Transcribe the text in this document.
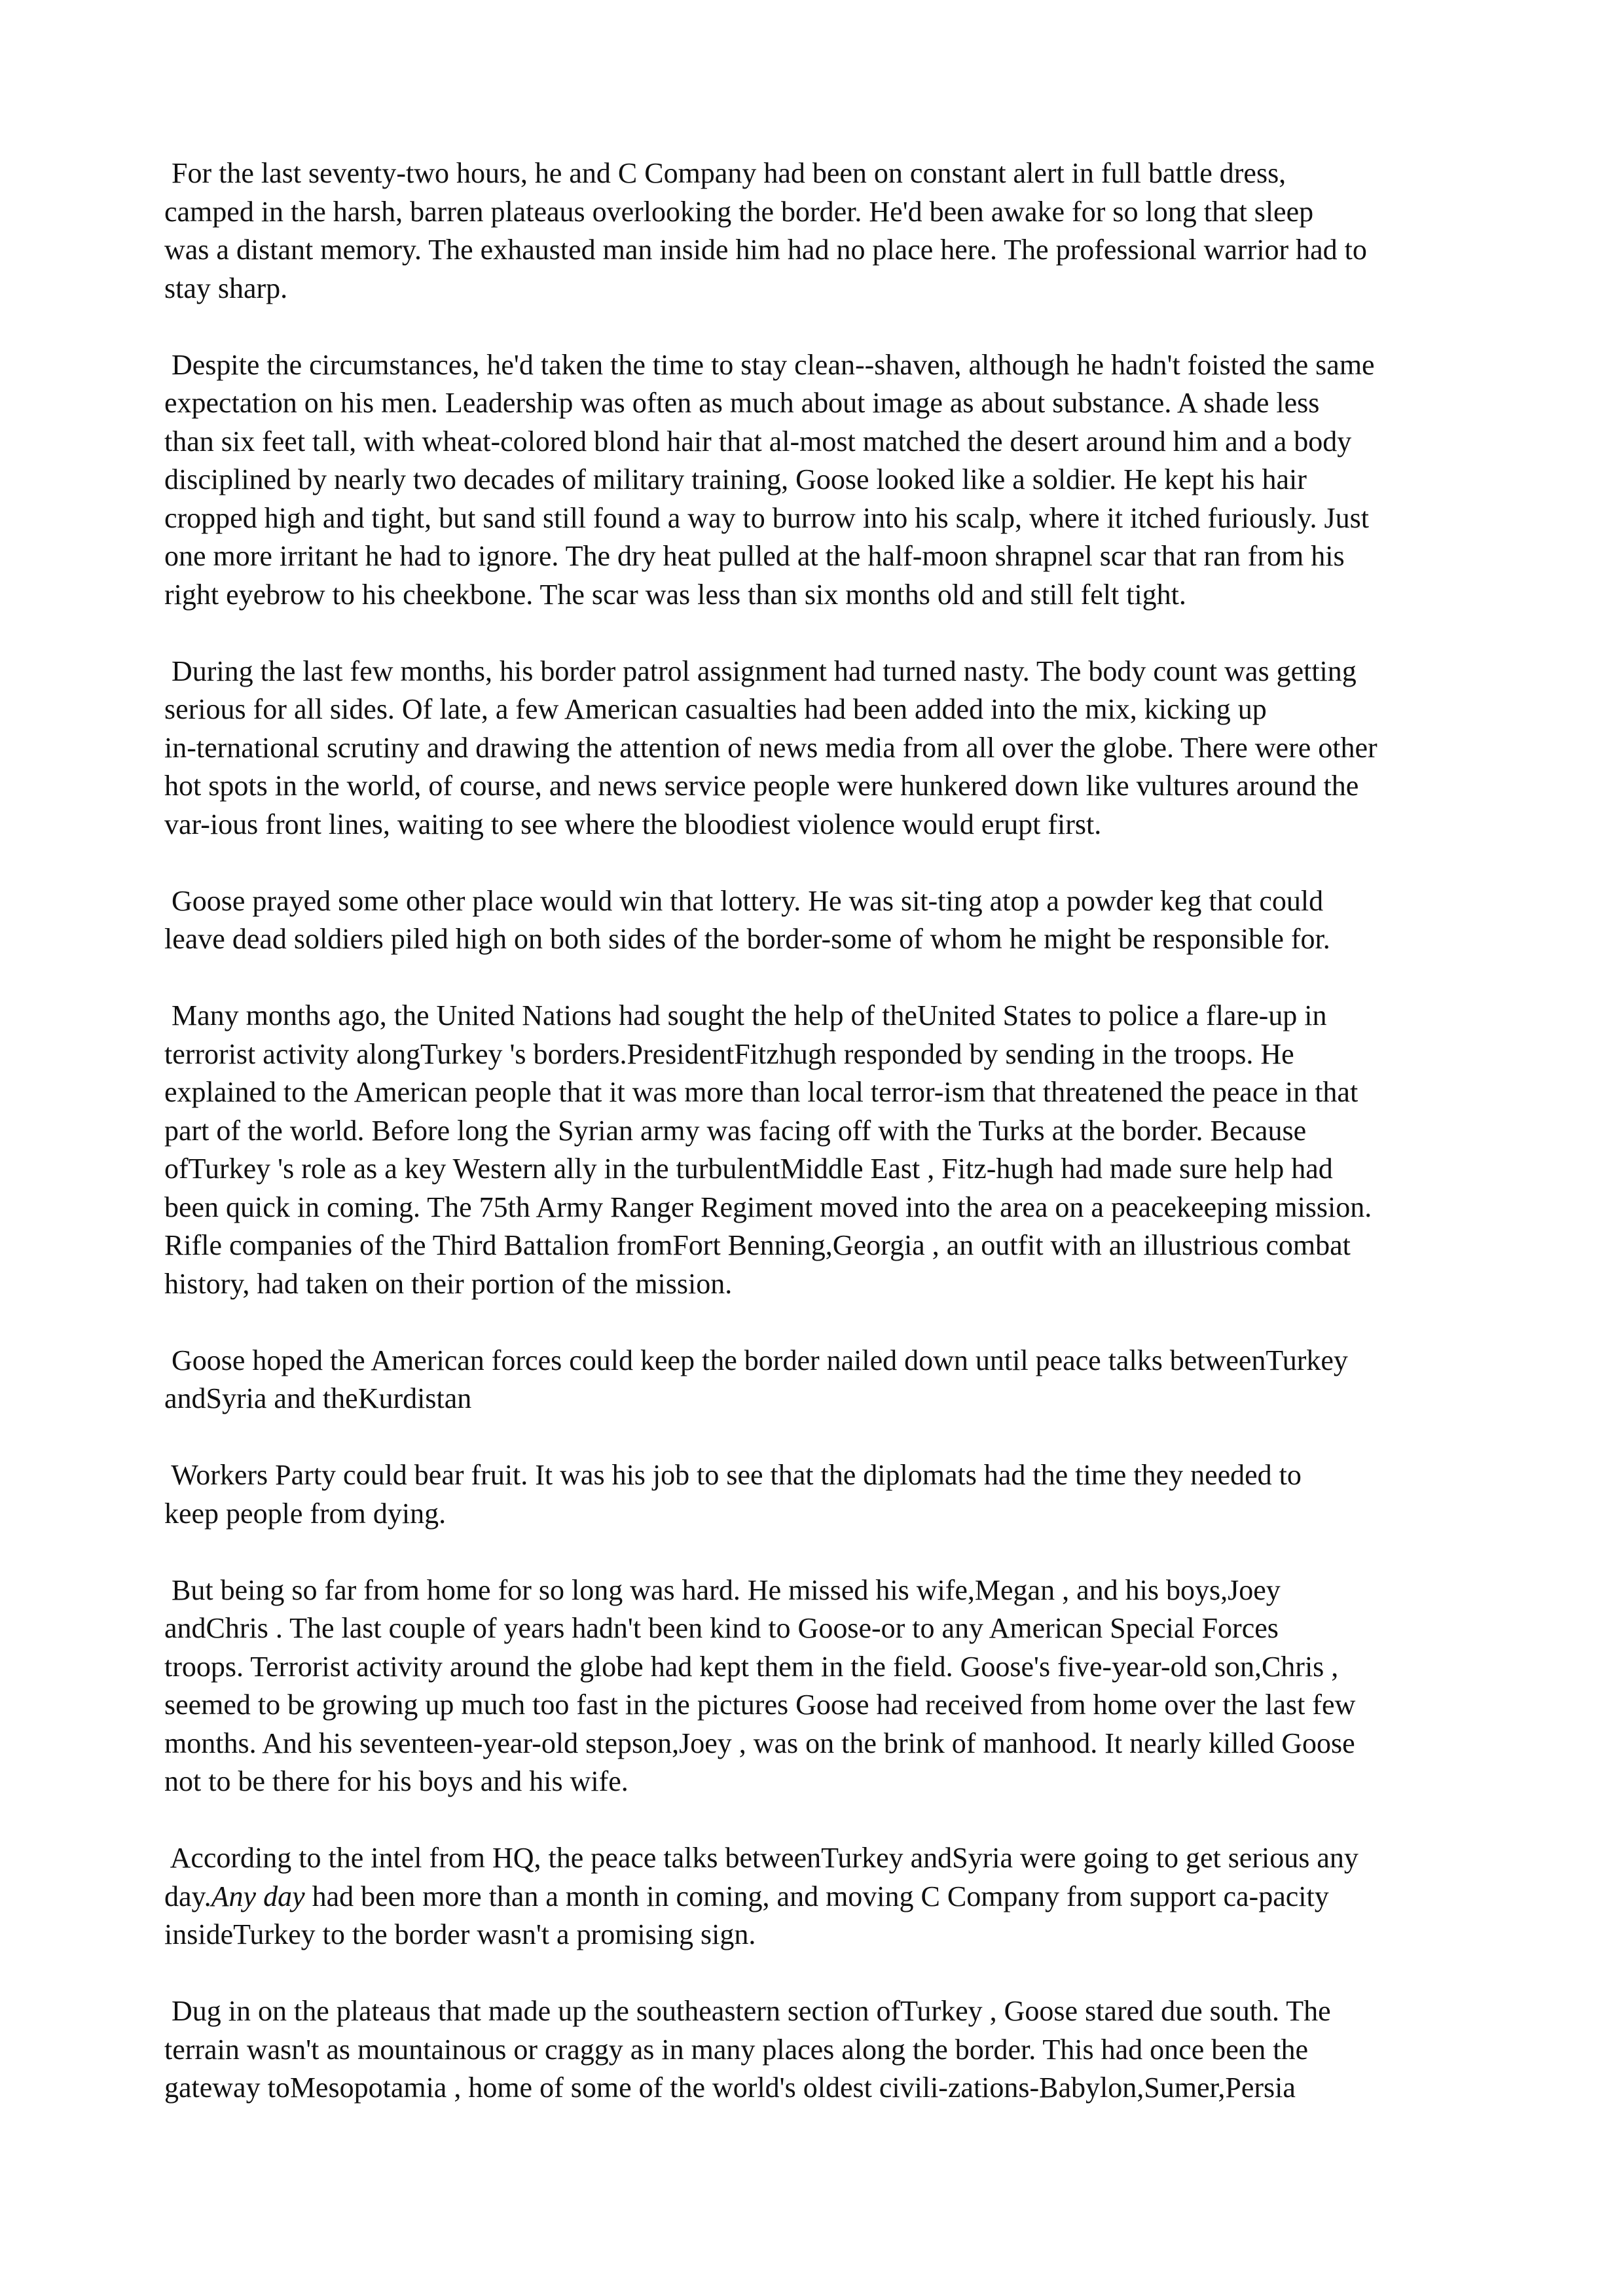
For the last seventy-two hours, he and C Company had been on constant alert in full battle dress,
camped in the harsh, barren plateaus overlooking the border. He'd been awake for so long that sleep
was a distant memory. The exhausted man inside him had no place here. The professional warrior had to
stay sharp.

Despite the circumstances, he'd taken the time to stay clean--shaven, although he hadn't foisted the same
expectation on his men. Leadership was often as much about image as about substance. A shade less
than six feet tall, with wheat-colored blond hair that al-most matched the desert around him and a body
disciplined by nearly two decades of military training, Goose looked like a soldier. He kept his hair
cropped high and tight, but sand still found a way to burrow into his scalp, where it itched furiously. Just
one more irritant he had to ignore. The dry heat pulled at the half-moon shrapnel scar that ran from his
right eyebrow to his cheekbone. The scar was less than six months old and still felt tight.

During the last few months, his border patrol assignment had turned nasty. The body count was getting
serious for all sides. Of late, a few American casualties had been added into the mix, kicking up
in-ternational scrutiny and drawing the attention of news media from all over the globe. There were other
hot spots in the world, of course, and news service people were hunkered down like vultures around the
var-ious front lines, waiting to see where the bloodiest violence would erupt first.

Goose prayed some other place would win that lottery. He was sit-ting atop a powder keg that could
leave dead soldiers piled high on both sides of the border-some of whom he might be responsible for.

Many months ago, the United Nations had sought the help of theUnited States to police a flare-up in
terrorist activity alongTurkey 's borders.PresidentFitzhugh responded by sending in the troops. He
explained to the American people that it was more than local terror-ism that threatened the peace in that
part of the world. Before long the Syrian army was facing off with the Turks at the border. Because
ofTurkey 's role as a key Western ally in the turbulentMiddle East , Fitz-hugh had made sure help had
been quick in coming. The 75th Army Ranger Regiment moved into the area on a peacekeeping mission.
Rifle companies of the Third Battalion fromFort Benning,Georgia , an outfit with an illustrious combat
history, had taken on their portion of the mission.

Goose hoped the American forces could keep the border nailed down until peace talks betweenTurkey
andSyria and theKurdistan

Workers Party could bear fruit. It was his job to see that the diplomats had the time they needed to
keep people from dying.

But being so far from home for so long was hard. He missed his wife,Megan , and his boys,Joey
andChris . The last couple of years hadn't been kind to Goose-or to any American Special Forces
troops. Terrorist activity around the globe had kept them in the field. Goose's five-year-old son,Chris ,
seemed to be growing up much too fast in the pictures Goose had received from home over the last few
months. And his seventeen-year-old stepson,Joey , was on the brink of manhood. It nearly killed Goose
not to be there for his boys and his wife.

According to the intel from HQ, the peace talks betweenTurkey andSyria were going to get serious any
day.Any day had been more than a month in coming, and moving C Company from support ca-pacity
insideTurkey to the border wasn't a promising sign.

Dug in on the plateaus that made up the southeastern section ofTurkey , Goose stared due south. The
terrain wasn't as mountainous or craggy as in many places along the border. This had once been the
gateway toMesopotamia , home of some of the world's oldest civili-zations-Babylon,Sumer,Persia
